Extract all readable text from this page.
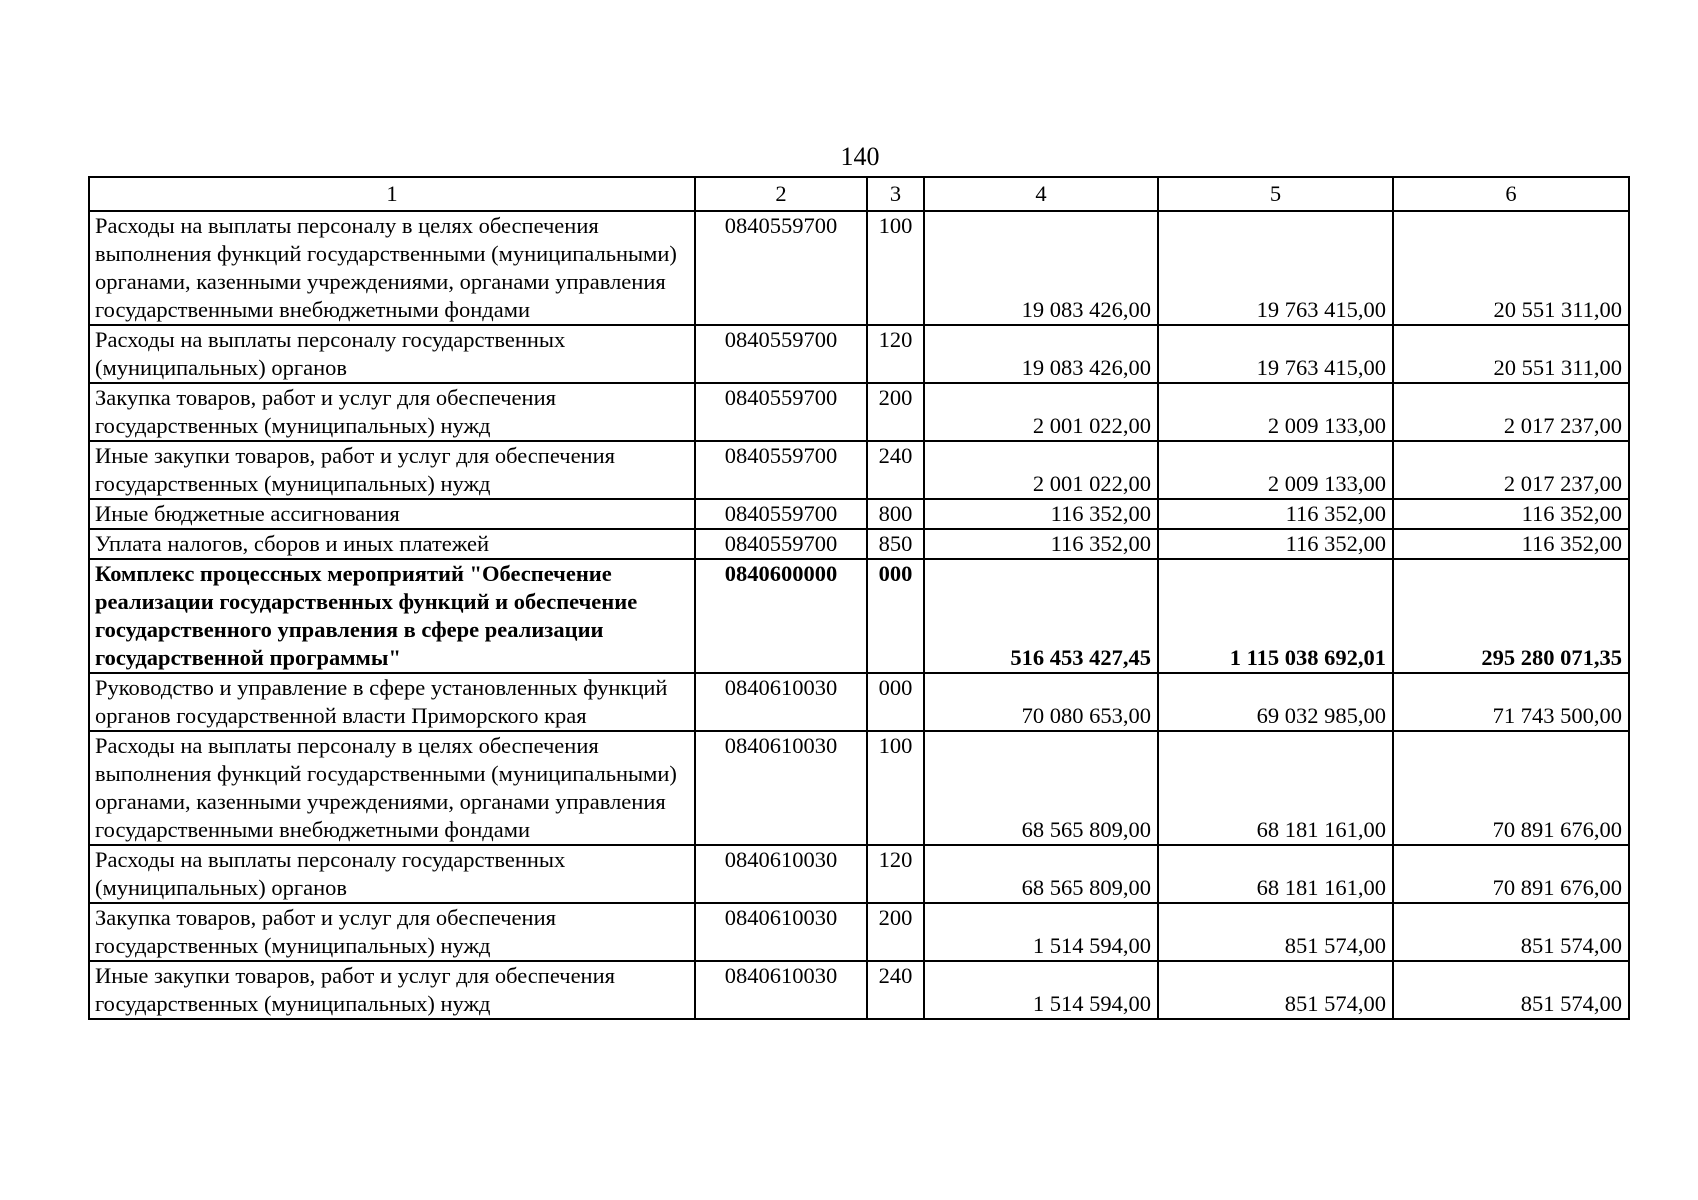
140
1	2	3	4	5	6
Расходы на выплаты персоналу в целях обеспечения выполнения функций государственными (муниципальными) органами, казенными учреждениями, органами управления государственными внебюджетными фондами	0840559700	100	19 083 426,00	19 763 415,00	20 551 311,00
Расходы на выплаты персоналу государственных (муниципальных) органов	0840559700	120	19 083 426,00	19 763 415,00	20 551 311,00
Закупка товаров, работ и услуг для обеспечения государственных (муниципальных) нужд	0840559700	200	2 001 022,00	2 009 133,00	2 017 237,00
Иные закупки товаров, работ и услуг для обеспечения государственных (муниципальных) нужд	0840559700	240	2 001 022,00	2 009 133,00	2 017 237,00
Иные бюджетные ассигнования	0840559700	800	116 352,00	116 352,00	116 352,00
Уплата налогов, сборов и иных платежей	0840559700	850	116 352,00	116 352,00	116 352,00
Комплекс процессных мероприятий "Обеспечение реализации государственных функций и обеспечение государственного управления в сфере реализации государственной программы"	0840600000	000	516 453 427,45	1 115 038 692,01	295 280 071,35
Руководство и управление в сфере установленных функций органов государственной власти Приморского края	0840610030	000	70 080 653,00	69 032 985,00	71 743 500,00
Расходы на выплаты персоналу в целях обеспечения выполнения функций государственными (муниципальными) органами, казенными учреждениями, органами управления государственными внебюджетными фондами	0840610030	100	68 565 809,00	68 181 161,00	70 891 676,00
Расходы на выплаты персоналу государственных (муниципальных) органов	0840610030	120	68 565 809,00	68 181 161,00	70 891 676,00
Закупка товаров, работ и услуг для обеспечения государственных (муниципальных) нужд	0840610030	200	1 514 594,00	851 574,00	851 574,00
Иные закупки товаров, работ и услуг для обеспечения государственных (муниципальных) нужд	0840610030	240	1 514 594,00	851 574,00	851 574,00
